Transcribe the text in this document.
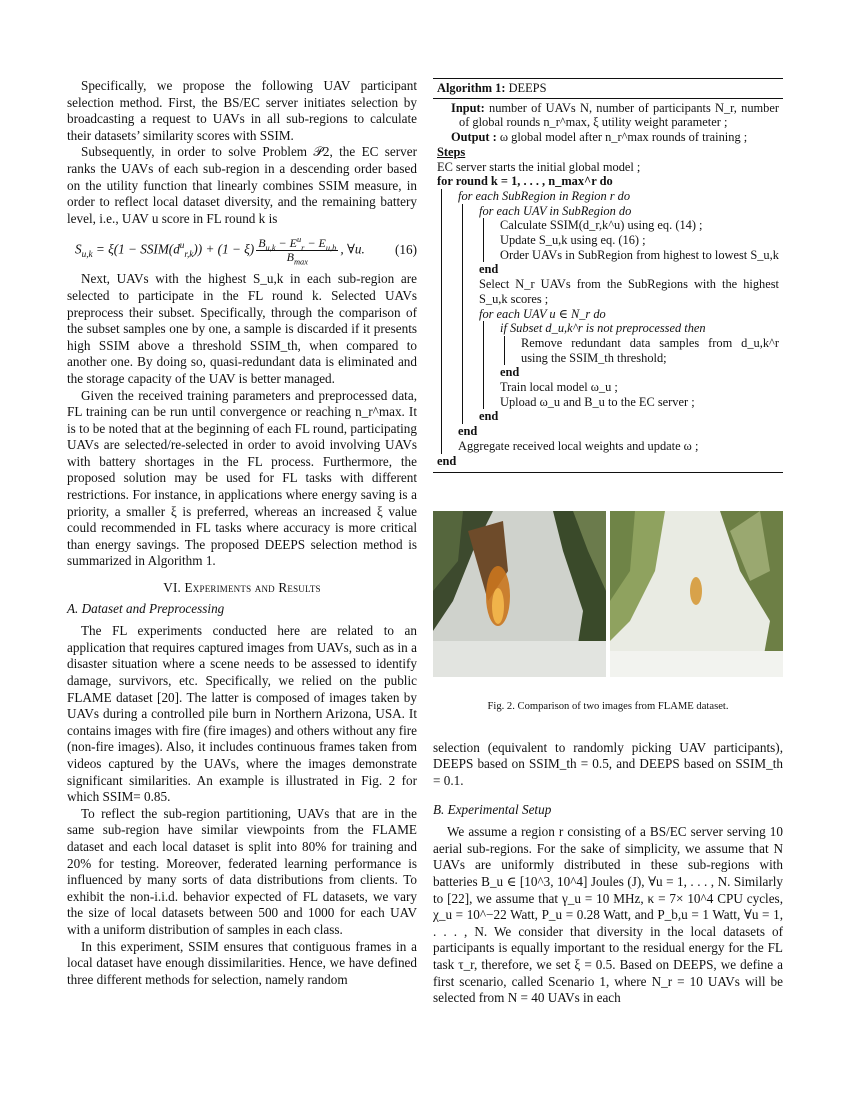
Specifically, we propose the following UAV participant selection method. First, the BS/EC server initiates selection by broadcasting a request to UAVs in all sub-regions to calculate their datasets’ similarity scores with SSIM.

Subsequently, in order to solve Problem 𝒫2, the EC server ranks the UAVs of each sub-region in a descending order based on the utility function that linearly combines SSIM measure, in order to reflect local dataset diversity, and the remaining battery level, i.e., UAV u score in FL round k is

$S_{u,k} = \xi(1$ − $SSIM(d^u_{r,k})) + (1 - \xi) \frac{B_{u,k} - E^u_r - E_{u,b}}{B_{max}}$ , ∀u. (16)

Next, UAVs with the highest S_u,k in each sub-region are selected to participate in the FL round k. Selected UAVs preprocess their subset. Specifically, through the comparison of the subset samples one by one, a sample is discarded if it presents high SSIM above a threshold SSIM_th, when compared to another one. By doing so, quasi-redundant data is eliminated and the storage capacity of the UAV is better managed.

Given the received training parameters and preprocessed data, FL training can be run until convergence or reaching n_r^max. It is to be noted that at the beginning of each FL round, participating UAVs are selected/re-selected in order to avoid involving UAVs with battery shortages in the FL process. Furthermore, the proposed solution may be used for FL tasks with different restrictions. For instance, in applications where energy saving is a priority, a smaller ξ is preferred, whereas an increased ξ value could recommended in FL tasks where accuracy is more critical than energy savings. The proposed DEEPS selection method is summarized in Algorithm 1.

VI. Experiments and Results
A. Dataset and Preprocessing

The FL experiments conducted here are related to an application that requires captured images from UAVs, such as in a disaster situation where a scene needs to be assessed to identify damage, survivors, etc. Specifically, we relied on the public FLAME dataset [20]. The latter is composed of images taken by UAVs during a controlled pile burn in Northern Arizona, USA. It contains images with fire (fire images) and others without any fire (non-fire images). Also, it includes continuous frames taken from videos captured by the UAVs, where the images demonstrate significant similarities. An example is illustrated in Fig. 2 for which SSIM= 0.85.

To reflect the sub-region partitioning, UAVs that are in the same sub-region have similar viewpoints from the FLAME dataset and each local dataset is split into 80% for training and 20% for testing. Moreover, federated learning performance is influenced by many sorts of data distributions from clients. To exhibit the non-i.i.d. behavior expected of FL datasets, we vary the size of local datasets between 500 and 1000 for each UAV with a uniform distribution of samples in each class.

In this experiment, SSIM ensures that contiguous frames in a local dataset have enough dissimilarities. Hence, we have defined three different methods for selection, namely random

Algorithm 1: DEEPS
Input: number of UAVs N, number of participants N_r, number of global rounds n_r^max, ξ utility weight parameter ;
Output : ω global model after n_r^max rounds of training ;
Steps
EC server starts the initial global model ;
for round k = 1, . . . , n_max^r do
for each SubRegion in Region r do
for each UAV in SubRegion do
Calculate SSIM(d_r,k^u) using eq. (14) ;
Update S_u,k using eq. (16) ;
Order UAVs in SubRegion from highest to lowest S_u,k
end
Select N_r UAVs from the SubRegions with the highest S_u,k scores ;
for each UAV u ∈ N_r do
if Subset d_u,k^r is not preprocessed then
Remove redundant data samples from d_u,k^r using the SSIM_th threshold;
end
Train local model ω_u ;
Upload ω_u and B_u to the EC server ;
end
end
Aggregate received local weights and update ω ;
end
Fig. 2. Comparison of two images from FLAME dataset.

selection (equivalent to randomly picking UAV participants), DEEPS based on SSIM_th = 0.5, and DEEPS based on SSIM_th = 0.1.

B. Experimental Setup

We assume a region r consisting of a BS/EC server serving 10 aerial sub-regions. For the sake of simplicity, we assume that N UAVs are uniformly distributed in these sub-regions with batteries B_u ∈ [10^3, 10^4] Joules (J), ∀u = 1, . . . , N. Similarly to [22], we assume that γ_u = 10 MHz, κ = 7× 10^4 CPU cycles, χ_u = 10^−22 Watt, P_u = 0.28 Watt, and P_b,u = 1 Watt, ∀u = 1, . . . , N. We consider that diversity in the local datasets of participants is equally important to the residual energy for the FL task τ_r, therefore, we set ξ = 0.5. Based on DEEPS, we define a first scenario, called Scenario 1, where N_r = 10 UAVs will be selected from N = 40 UAVs in each
